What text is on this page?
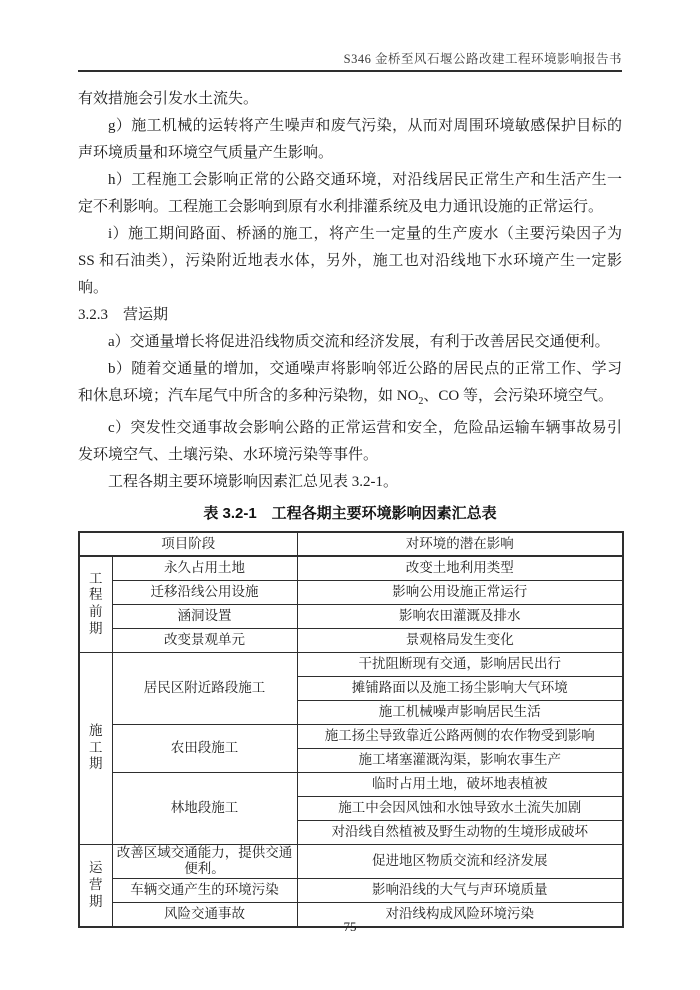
S346 金桥至风石堰公路改建工程环境影响报告书

有效措施会引发水土流失。

g）施工机械的运转将产生噪声和废气污染，从而对周围环境敏感保护目标的声环境质量和环境空气质量产生影响。

h）工程施工会影响正常的公路交通环境，对沿线居民正常生产和生活产生一定不利影响。工程施工会影响到原有水利排灌系统及电力通讯设施的正常运行。

i）施工期间路面、桥涵的施工，将产生一定量的生产废水（主要污染因子为 SS 和石油类），污染附近地表水体，另外，施工也对沿线地下水环境产生一定影响。

3.2.3　营运期

a）交通量增长将促进沿线物质交流和经济发展，有利于改善居民交通便利。

b）随着交通量的增加，交通噪声将影响邻近公路的居民点的正常工作、学习和休息环境；汽车尾气中所含的多种污染物，如 $NO_2$、CO 等，会污染环境空气。

c）突发性交通事故会影响公路的正常运营和安全，危险品运输车辆事故易引发环境空气、土壤污染、水环境污染等事件。

工程各期主要环境影响因素汇总见表 3.2-1。

表 3.2-1　工程各期主要环境影响因素汇总表
项目阶段		对环境的潜在影响
工程前期	永久占用土地	改变土地利用类型
	迁移沿线公用设施	影响公用设施正常运行
	涵洞设置	影响农田灌溉及排水
	改变景观单元	景观格局发生变化
施工期	居民区附近路段施工	干扰阻断现有交通，影响居民出行
		摊铺路面以及施工扬尘影响大气环境
		施工机械噪声影响居民生活
	农田段施工	施工扬尘导致靠近公路两侧的农作物受到影响
		施工堵塞灌溉沟渠，影响农事生产
	林地段施工	临时占用土地，破坏地表植被
		施工中会因风蚀和水蚀导致水土流失加剧
		对沿线自然植被及野生动物的生境形成破坏
运营期	改善区域交通能力，提供交通便利。	促进地区物质交流和经济发展
	车辆交通产生的环境污染	影响沿线的大气与声环境质量
	风险交通事故	对沿线构成风险环境污染
75
